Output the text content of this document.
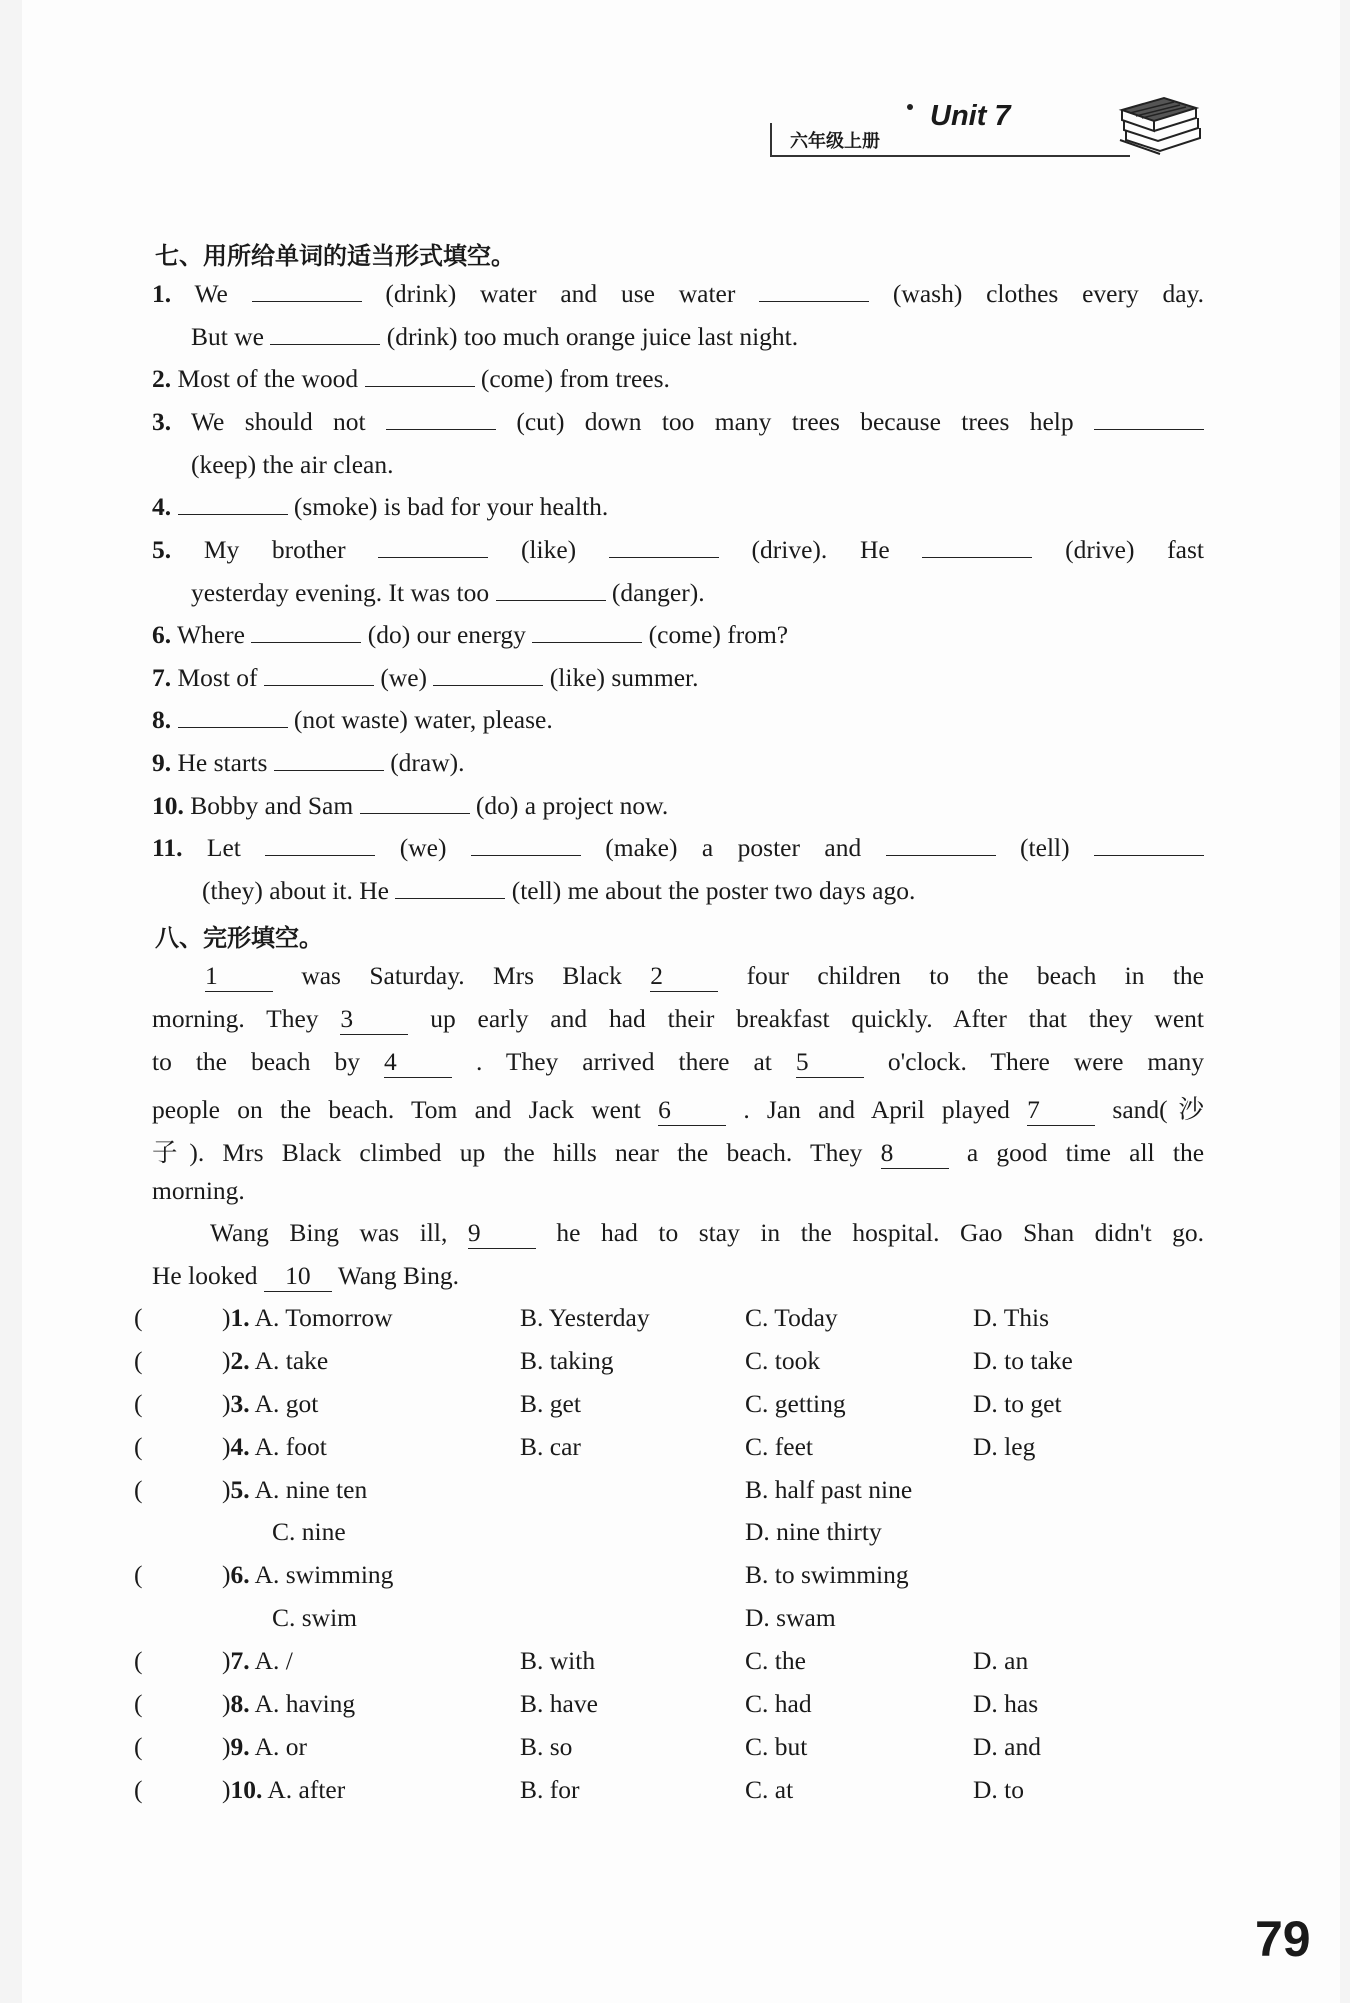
Unit 7
六年级上册
七、用所给单词的适当形式填空。
1. We	(drink) water and use water	(wash) clothes every day.
But we	(drink) too much orange juice last night.
2. Most of the wood	(come) from trees.
3. We should not	(cut) down too many trees because trees help
(keep) the air clean.
4.	(smoke) is bad for your health.
5. My brother	(like)	(drive). He	(drive) fast
yesterday evening. It was too	(danger).
6. Where	(do) our energy	(come) from?
7. Most of	(we)	(like) summer.
8.	(not waste) water, please.
9. He starts	(draw).
10. Bobby and Sam	(do) a project now.
11. Let	(we)	(make) a poster and	(tell)
(they) about it. He	(tell) me about the poster two days ago.
八、完形填空。
1	was Saturday. Mrs Black 2	four children to the beach in the
morning. They 3	up early and had their breakfast quickly. After that they went
to the beach by 4	. They arrived there at 5	o'clock. There were many
people on the beach. Tom and Jack went 6	. Jan and April played 7	sand(沙
子). Mrs Black climbed up the hills near the beach. They 8	a good time all the
morning.
Wang Bing was ill, 9	he had to stay in the hospital. Gao Shan didn't go.
He looked 10 Wang Bing.
(	)1. A. Tomorrow	B. Yesterday	C. Today	D. This
(	)2. A. take	B. taking	C. took	D. to take
(	)3. A. got	B. get	C. getting	D. to get
(	)4. A. foot	B. car	C. feet	D. leg
(	)5. A. nine ten	B. half past nine
C. nine	D. nine thirty
(	)6. A. swimming	B. to swimming
C. swim	D. swam
(	)7. A. /	B. with	C. the	D. an
(	)8. A. having	B. have	C. had	D. has
(	)9. A. or	B. so	C. but	D. and
(	)10. A. after	B. for	C. at	D. to
79
